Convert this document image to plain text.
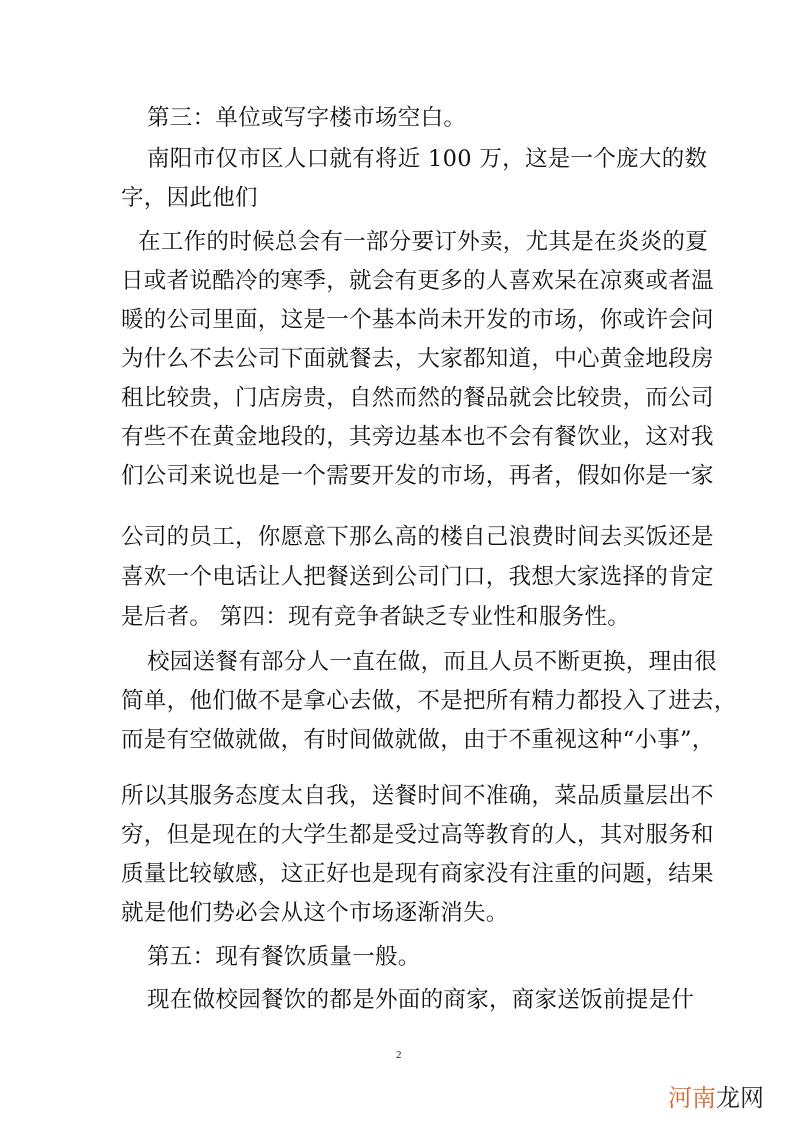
第三：单位或写字楼市场空白。
南阳市仅市区人口就有将近 100 万，这是一个庞大的数
字，因此他们
在工作的时候总会有一部分要订外卖，尤其是在炎炎的夏
日或者说酷冷的寒季，就会有更多的人喜欢呆在凉爽或者温
暖的公司里面，这是一个基本尚未开发的市场，你或许会问
为什么不去公司下面就餐去，大家都知道，中心黄金地段房
租比较贵，门店房贵，自然而然的餐品就会比较贵，而公司
有些不在黄金地段的，其旁边基本也不会有餐饮业，这对我
们公司来说也是一个需要开发的市场，再者，假如你是一家
公司的员工，你愿意下那么高的楼自己浪费时间去买饭还是
喜欢一个电话让人把餐送到公司门口，我想大家选择的肯定
是后者。 第四：现有竞争者缺乏专业性和服务性。
校园送餐有部分人一直在做，而且人员不断更换，理由很
简单，他们做不是拿心去做，不是把所有精力都投入了进去，
而是有空做就做，有时间做就做，由于不重视这种“小事”，
所以其服务态度太自我，送餐时间不准确，菜品质量层出不
穷，但是现在的大学生都是受过高等教育的人，其对服务和
质量比较敏感，这正好也是现有商家没有注重的问题，结果
就是他们势必会从这个市场逐渐消失。
第五：现有餐饮质量一般。
现在做校园餐饮的都是外面的商家，商家送饭前提是什
2
河南龙网
